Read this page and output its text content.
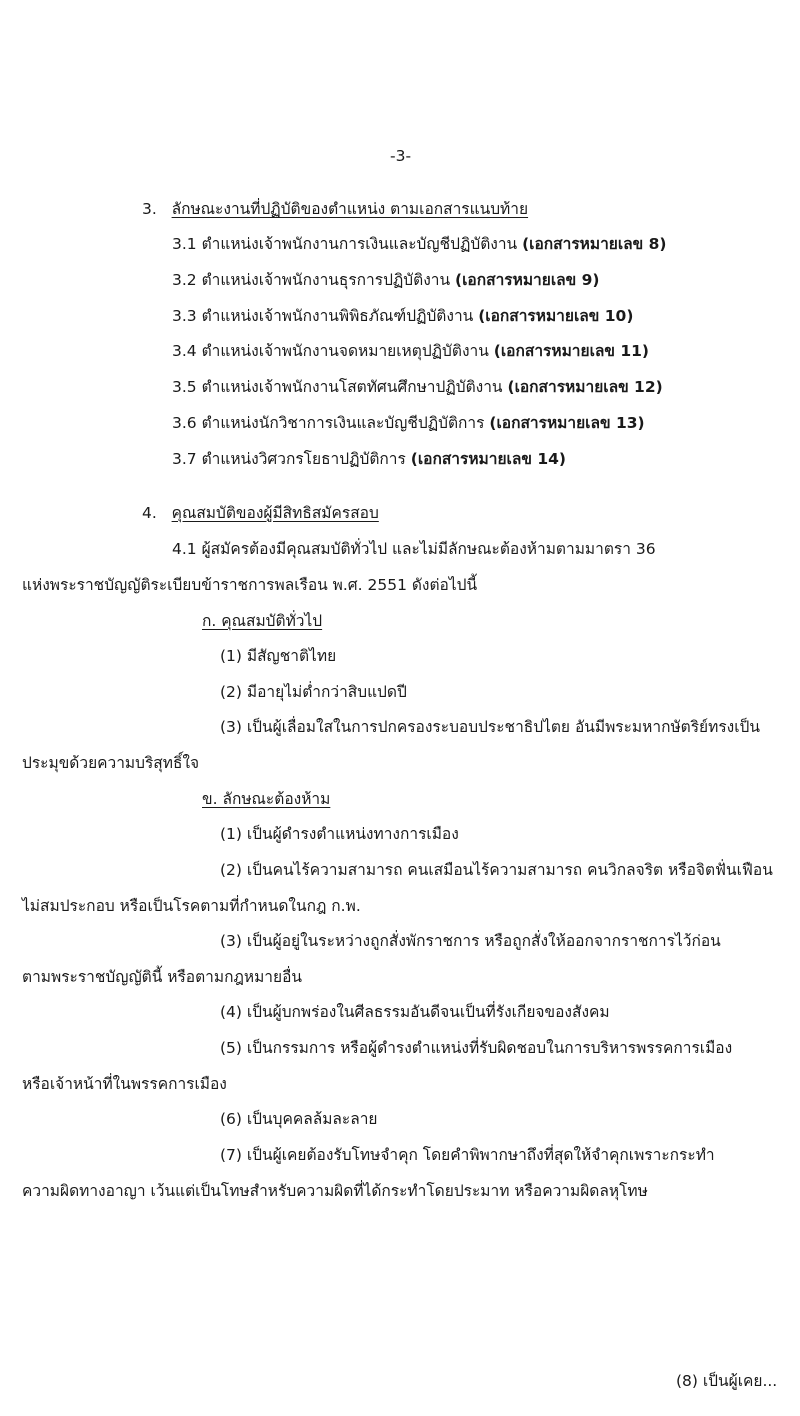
-3-
3. ลักษณะงานที่ปฏิบัติของตำแหน่ง ตามเอกสารแนบท้าย
3.1 ตำแหน่งเจ้าพนักงานการเงินและบัญชีปฏิบัติงาน (เอกสารหมายเลข 8)
3.2 ตำแหน่งเจ้าพนักงานธุรการปฏิบัติงาน (เอกสารหมายเลข 9)
3.3 ตำแหน่งเจ้าพนักงานพิพิธภัณฑ์ปฏิบัติงาน (เอกสารหมายเลข 10)
3.4 ตำแหน่งเจ้าพนักงานจดหมายเหตุปฏิบัติงาน (เอกสารหมายเลข 11)
3.5 ตำแหน่งเจ้าพนักงานโสตทัศนศึกษาปฏิบัติงาน (เอกสารหมายเลข 12)
3.6 ตำแหน่งนักวิชาการเงินและบัญชีปฏิบัติการ (เอกสารหมายเลข 13)
3.7 ตำแหน่งวิศวกรโยธาปฏิบัติการ (เอกสารหมายเลข 14)
4. คุณสมบัติของผู้มีสิทธิสมัครสอบ
4.1 ผู้สมัครต้องมีคุณสมบัติทั่วไป และไม่มีลักษณะต้องห้ามตามมาตรา 36
แห่งพระราชบัญญัติระเบียบข้าราชการพลเรือน พ.ศ. 2551 ดังต่อไปนี้
ก. คุณสมบัติทั่วไป
(1) มีสัญชาติไทย
(2) มีอายุไม่ต่ำกว่าสิบแปดปี
(3) เป็นผู้เลื่อมใสในการปกครองระบอบประชาธิปไตย อันมีพระมหากษัตริย์ทรงเป็น
ประมุขด้วยความบริสุทธิ์ใจ
ข. ลักษณะต้องห้าม
(1) เป็นผู้ดำรงตำแหน่งทางการเมือง
(2) เป็นคนไร้ความสามารถ คนเสมือนไร้ความสามารถ คนวิกลจริต หรือจิตฟั่นเฟือน
ไม่สมประกอบ หรือเป็นโรคตามที่กำหนดในกฎ ก.พ.
(3) เป็นผู้อยู่ในระหว่างถูกสั่งพักราชการ หรือถูกสั่งให้ออกจากราชการไว้ก่อน
ตามพระราชบัญญัตินี้ หรือตามกฎหมายอื่น
(4) เป็นผู้บกพร่องในศีลธรรมอันดีจนเป็นที่รังเกียจของสังคม
(5) เป็นกรรมการ หรือผู้ดำรงตำแหน่งที่รับผิดชอบในการบริหารพรรคการเมือง
หรือเจ้าหน้าที่ในพรรคการเมือง
(6) เป็นบุคคลล้มละลาย
(7) เป็นผู้เคยต้องรับโทษจำคุก โดยคำพิพากษาถึงที่สุดให้จำคุกเพราะกระทำ
ความผิดทางอาญา เว้นแต่เป็นโทษสำหรับความผิดที่ได้กระทำโดยประมาท หรือความผิดลหุโทษ
(8) เป็นผู้เคย...
